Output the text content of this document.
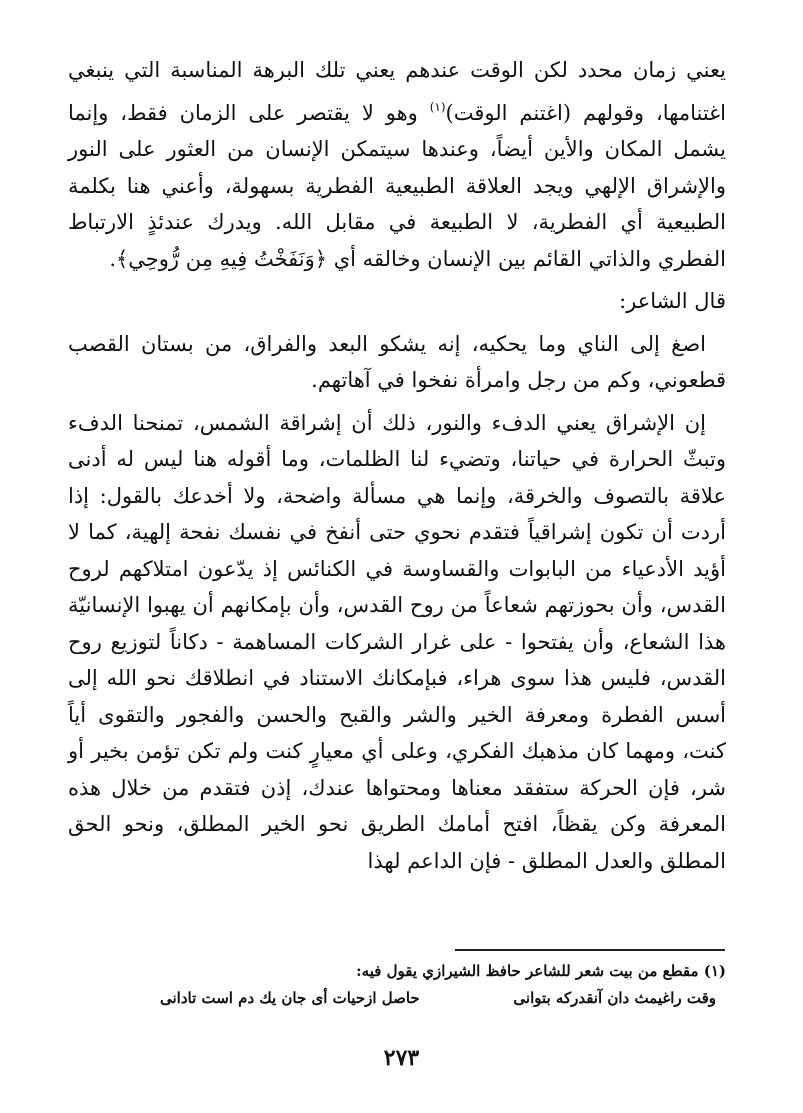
يعني زمان محدد لكن الوقت عندهم يعني تلك البرهة المناسبة التي ينبغي اغتنامها، وقولهم (اغتنم الوقت)$^{(١)}$ وهو لا يقتصر على الزمان فقط، وإنما يشمل المكان والأين أيضاً، وعندها سيتمكن الإنسان من العثور على النور والإشراق الإلهي ويجد العلاقة الطبيعية الفطرية بسهولة، وأعني هنا بكلمة الطبيعية أي الفطرية، لا الطبيعة في مقابل الله. ويدرك عندئذٍ الارتباط الفطري والذاتي القائم بين الإنسان وخالقه أي ﴿وَنَفَخْتُ فِيهِ مِن رُّوحِي﴾.

قال الشاعر:

اصغ إلى الناي وما يحكيه، إنه يشكو البعد والفراق، من بستان القصب قطعوني، وكم من رجل وامرأة نفخوا في آهاتهم.

إن الإشراق يعني الدفء والنور، ذلك أن إشراقة الشمس، تمنحنا الدفء وتبثّ الحرارة في حياتنا، وتضيء لنا الظلمات، وما أقوله هنا ليس له أدنى علاقة بالتصوف والخرقة، وإنما هي مسألة واضحة، ولا أخدعك بالقول: إذا أردت أن تكون إشراقياً فتقدم نحوي حتى أنفخ في نفسك نفحة إلهية، كما لا أؤيد الأدعياء من البابوات والقساوسة في الكنائس إذ يدّعون امتلاكهم لروح القدس، وأن بحوزتهم شعاعاً من روح القدس، وأن بإمكانهم أن يهبوا الإنسانيّة هذا الشعاع، وأن يفتحوا - على غرار الشركات المساهمة - دكاناً لتوزيع روح القدس، فليس هذا سوى هراء، فبإمكانك الاستناد في انطلاقك نحو الله إلى أسس الفطرة ومعرفة الخير والشر والقبح والحسن والفجور والتقوى أياً كنت، ومهما كان مذهبك الفكري، وعلى أي معيارٍ كنت ولم تكن تؤمن بخير أو شر، فإن الحركة ستفقد معناها ومحتواها عندك، إذن فتقدم من خلال هذه المعرفة وكن يقظاً، افتح أمامك الطريق نحو الخير المطلق، ونحو الحق المطلق والعدل المطلق - فإن الداعم لهذا

(١) مقطع من بيت شعر للشاعر حافظ الشيرازي يقول فيه:
وقت راغيمث دان آنقدركه بتوانى
حاصل ازحيات أى جان يك دم است تادانى
٢٧٣
